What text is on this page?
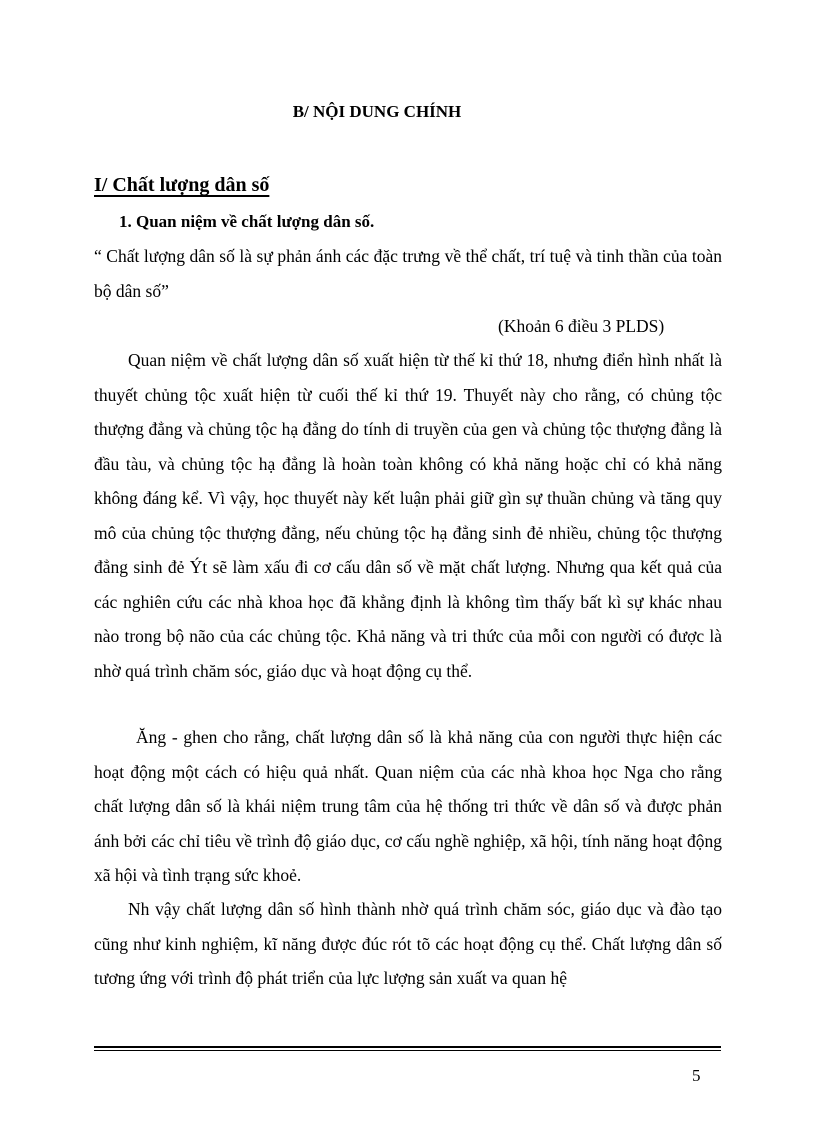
B/ NỘI DUNG CHÍNH
I/ Chất lượng dân số
1. Quan niệm về chất lượng dân số.

“ Chất lượng dân số là sự phản ánh các đặc trưng về thể chất, trí tuệ và tinh thần của toàn bộ dân số”

(Khoản 6 điều 3 PLDS)

Quan niệm về chất lượng dân số xuất hiện từ thế kỉ thứ 18, nhưng điển hình nhất là thuyết chủng tộc xuất hiện từ cuối thế kỉ thứ 19. Thuyết này cho rằng, có chủng tộc thượng đẳng và chủng tộc hạ đẳng do tính di truyền của gen và chủng tộc thượng đẳng là đầu tàu, và chủng tộc hạ đẳng là hoàn toàn không có khả năng hoặc chỉ có khả năng không đáng kể. Vì vậy, học thuyết này kết luận phải giữ gìn sự thuần chủng và tăng quy mô của chủng tộc thượng đẳng, nếu chủng tộc hạ đẳng sinh đẻ nhiều, chủng tộc thượng đẳng sinh đẻ Ýt sẽ làm xấu đi cơ cấu dân số về mặt chất lượng. Nhưng qua kết quả của các nghiên cứu các nhà khoa học đã khẳng định là không tìm thấy bất kì sự khác nhau nào trong bộ não của các chủng tộc. Khả năng và tri thức của mỗi con người có được là nhờ quá trình chăm sóc, giáo dục và hoạt động cụ thể.

Ăng - ghen cho rằng, chất lượng dân số là khả năng của con người thực hiện các hoạt động một cách có hiệu quả nhất. Quan niệm của các nhà khoa học Nga cho rằng chất lượng dân số là khái niệm trung tâm của hệ thống tri thức về dân số và được phản ánh bởi các chỉ tiêu về trình độ giáo dục, cơ cấu nghề nghiệp, xã hội, tính năng hoạt động xã hội và tình trạng sức khoẻ.

Nh vậy chất lượng dân số hình thành nhờ quá trình chăm sóc, giáo dục và đào tạo cũng như kinh nghiệm, kĩ năng được đúc rót tõ các hoạt động cụ thể. Chất lượng dân số tương ứng với trình độ phát triển của lực lượng sản xuất va quan hệ

5
